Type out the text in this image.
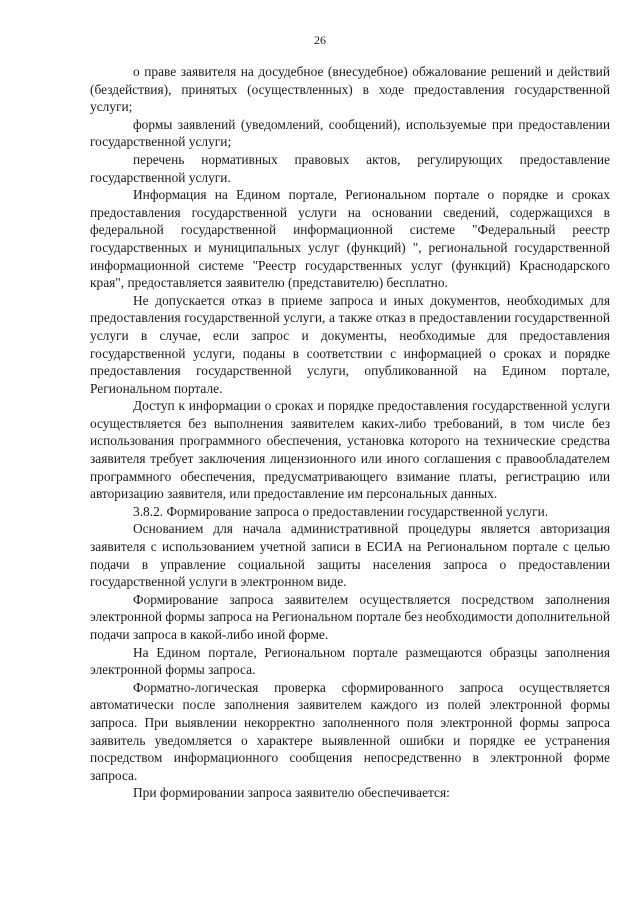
26

о праве заявителя на досудебное (внесудебное) обжалование решений и действий (бездействия), принятых (осуществленных) в ходе предоставления государственной услуги;

формы заявлений (уведомлений, сообщений), используемые при предоставлении государственной услуги;

перечень нормативных правовых актов, регулирующих предоставление государственной услуги.

Информация на Едином портале, Региональном портале о порядке и сроках предоставления государственной услуги на основании сведений, содержащихся в федеральной государственной информационной системе "Федеральный реестр государственных и муниципальных услуг (функций) ", региональной государственной информационной системе "Реестр государственных услуг (функций) Краснодарского края", предоставляется заявителю (представителю) бесплатно.

Не допускается отказ в приеме запроса и иных документов, необходимых для предоставления государственной услуги, а также отказ в предоставлении государственной услуги в случае, если запрос и документы, необходимые для предоставления государственной услуги, поданы в соответствии с информацией о сроках и порядке предоставления государственной услуги, опубликованной на Едином портале, Региональном портале.

Доступ к информации о сроках и порядке предоставления государственной услуги осуществляется без выполнения заявителем каких-либо требований, в том числе без использования программного обеспечения, установка которого на технические средства заявителя требует заключения лицензионного или иного соглашения с правообладателем программного обеспечения, предусматривающего взимание платы, регистрацию или авторизацию заявителя, или предоставление им персональных данных.

3.8.2. Формирование запроса о предоставлении государственной услуги.

Основанием для начала административной процедуры является авторизация заявителя с использованием учетной записи в ЕСИА на Региональном портале с целью подачи в управление социальной защиты населения запроса о предоставлении государственной услуги в электронном виде.

Формирование запроса заявителем осуществляется посредством заполнения электронной формы запроса на Региональном портале без необходимости дополнительной подачи запроса в какой-либо иной форме.

На Едином портале, Региональном портале размещаются образцы заполнения электронной формы запроса.

Форматно-логическая проверка сформированного запроса осуществляется автоматически после заполнения заявителем каждого из полей электронной формы запроса. При выявлении некорректно заполненного поля электронной формы запроса заявитель уведомляется о характере выявленной ошибки и порядке ее устранения посредством информационного сообщения непосредственно в электронной форме запроса.

При формировании запроса заявителю обеспечивается:
